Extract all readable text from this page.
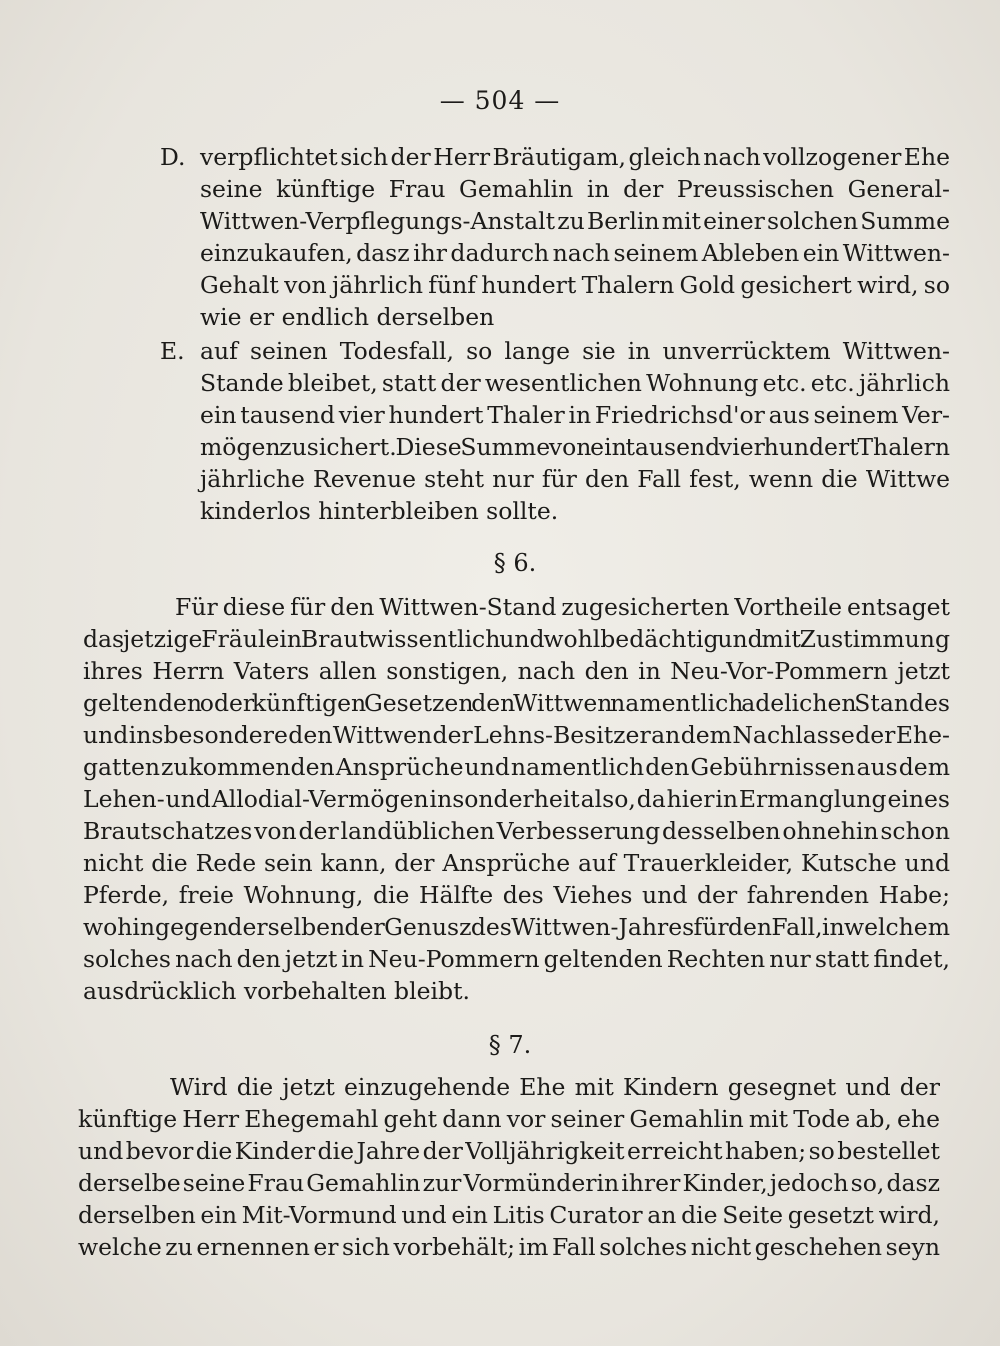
— 504 —
D. verpflichtet sich der Herr Bräutigam, gleich nach vollzogener Ehe
seine künftige Frau Gemahlin in der Preussischen General-
Wittwen-Verpflegungs-Anstalt zu Berlin mit einer solchen Summe
einzukaufen, dasz ihr dadurch nach seinem Ableben ein Wittwen-
Gehalt von jährlich fünf hundert Thalern Gold gesichert wird, so
wie er endlich derselben
E. auf seinen Todesfall, so lange sie in unverrücktem Wittwen-
Stande bleibet, statt der wesentlichen Wohnung etc. etc. jährlich
ein tausend vier hundert Thaler in Friedrichsd'or aus seinem Ver-
mögen zusichert. Diese Summe von ein tausend vier hundert Thalern
jährliche Revenue steht nur für den Fall fest, wenn die Wittwe
kinderlos hinterbleiben sollte.
§ 6.
Für diese für den Wittwen-Stand zugesicherten Vortheile entsaget
das jetzige Fräulein Braut wissentlich und wohlbedächtig und mit Zustimmung
ihres Herrn Vaters allen sonstigen, nach den in Neu-Vor-Pommern jetzt
geltenden oder künftigen Gesetzen den Wittwen namentlich adelichen Standes
und insbesondere den Wittwen der Lehns-Besitzer an dem Nachlasse der Ehe-
gatten zukommenden Ansprüche und namentlich den Gebührnissen aus dem
Lehen- und Allodial-Vermögen insonderheit also, da hier in Ermanglung eines
Brautschatzes von der landüblichen Verbesserung desselben ohnehin schon
nicht die Rede sein kann, der Ansprüche auf Trauerkleider, Kutsche und
Pferde, freie Wohnung, die Hälfte des Viehes und der fahrenden Habe;
wohingegen derselben der Genusz des Wittwen-Jahres für den Fall, in welchem
solches nach den jetzt in Neu-Pommern geltenden Rechten nur statt findet,
ausdrücklich vorbehalten bleibt.
§ 7.
Wird die jetzt einzugehende Ehe mit Kindern gesegnet und der
künftige Herr Ehegemahl geht dann vor seiner Gemahlin mit Tode ab, ehe
und bevor die Kinder die Jahre der Volljährigkeit erreicht haben; so bestellet
derselbe seine Frau Gemahlin zur Vormünderin ihrer Kinder, jedoch so, dasz
derselben ein Mit-Vormund und ein Litis Curator an die Seite gesetzt wird,
welche zu ernennen er sich vorbehält; im Fall solches nicht geschehen seyn
